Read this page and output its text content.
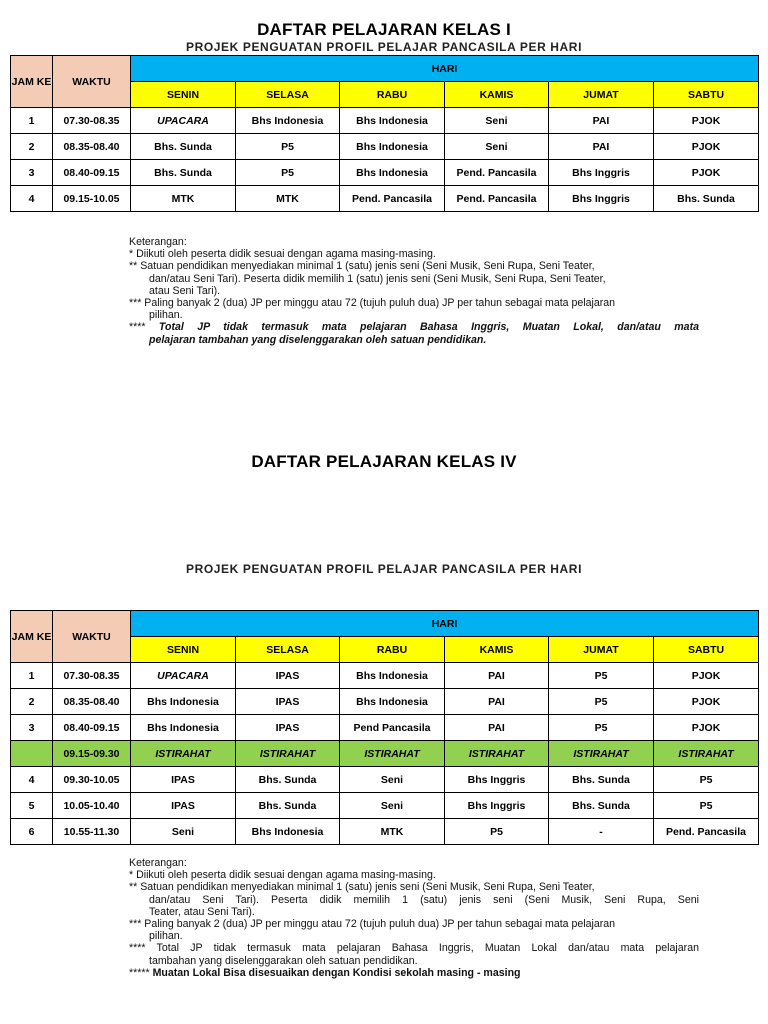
DAFTAR PELAJARAN KELAS I
PROJEK PENGUATAN PROFIL PELAJAR PANCASILA PER HARI
JAM KE	WAKTU	HARI					
		SENIN	SELASA	RABU	KAMIS	JUMAT	SABTU
1	07.30-08.35	UPACARA	Bhs Indonesia	Bhs Indonesia	Seni	PAI	PJOK
2	08.35-08.40	Bhs. Sunda	P5	Bhs Indonesia	Seni	PAI	PJOK
3	08.40-09.15	Bhs. Sunda	P5	Bhs Indonesia	Pend. Pancasila	Bhs Inggris	PJOK
4	09.15-10.05	MTK	MTK	Pend. Pancasila	Pend. Pancasila	Bhs Inggris	Bhs. Sunda
Keterangan:
* Diikuti oleh peserta didik sesuai dengan agama masing-masing.
** Satuan pendidikan menyediakan minimal 1 (satu) jenis seni (Seni Musik, Seni Rupa, Seni Teater,
dan/atau Seni Tari). Peserta didik memilih 1 (satu) jenis seni (Seni Musik, Seni Rupa, Seni Teater,
atau Seni Tari).
*** Paling banyak 2 (dua) JP per minggu atau 72 (tujuh puluh dua) JP per tahun sebagai mata pelajaran
pilihan.
**** Total JP tidak termasuk mata pelajaran Bahasa Inggris, Muatan Lokal, dan/atau mata
pelajaran tambahan yang diselenggarakan oleh satuan pendidikan.
DAFTAR PELAJARAN KELAS IV
PROJEK PENGUATAN PROFIL PELAJAR PANCASILA PER HARI
JAM KE	WAKTU	HARI					
		SENIN	SELASA	RABU	KAMIS	JUMAT	SABTU
1	07.30-08.35	UPACARA	IPAS	Bhs Indonesia	PAI	P5	PJOK
2	08.35-08.40	Bhs Indonesia	IPAS	Bhs Indonesia	PAI	P5	PJOK
3	08.40-09.15	Bhs Indonesia	IPAS	Pend Pancasila	PAI	P5	PJOK
	09.15-09.30	ISTIRAHAT	ISTIRAHAT	ISTIRAHAT	ISTIRAHAT	ISTIRAHAT	ISTIRAHAT
4	09.30-10.05	IPAS	Bhs. Sunda	Seni	Bhs Inggris	Bhs. Sunda	P5
5	10.05-10.40	IPAS	Bhs. Sunda	Seni	Bhs Inggris	Bhs. Sunda	P5
6	10.55-11.30	Seni	Bhs Indonesia	MTK	P5	-	Pend. Pancasila
Keterangan:
* Diikuti oleh peserta didik sesuai dengan agama masing-masing.
** Satuan pendidikan menyediakan minimal 1 (satu) jenis seni (Seni Musik, Seni Rupa, Seni Teater,
dan/atau Seni Tari). Peserta didik memilih 1 (satu) jenis seni (Seni Musik, Seni Rupa, Seni
Teater, atau Seni Tari).
*** Paling banyak 2 (dua) JP per minggu atau 72 (tujuh puluh dua) JP per tahun sebagai mata pelajaran
pilihan.
**** Total JP tidak termasuk mata pelajaran Bahasa Inggris, Muatan Lokal dan/atau mata pelajaran
tambahan yang diselenggarakan oleh satuan pendidikan.
***** Muatan Lokal Bisa disesuaikan dengan Kondisi sekolah masing - masing
